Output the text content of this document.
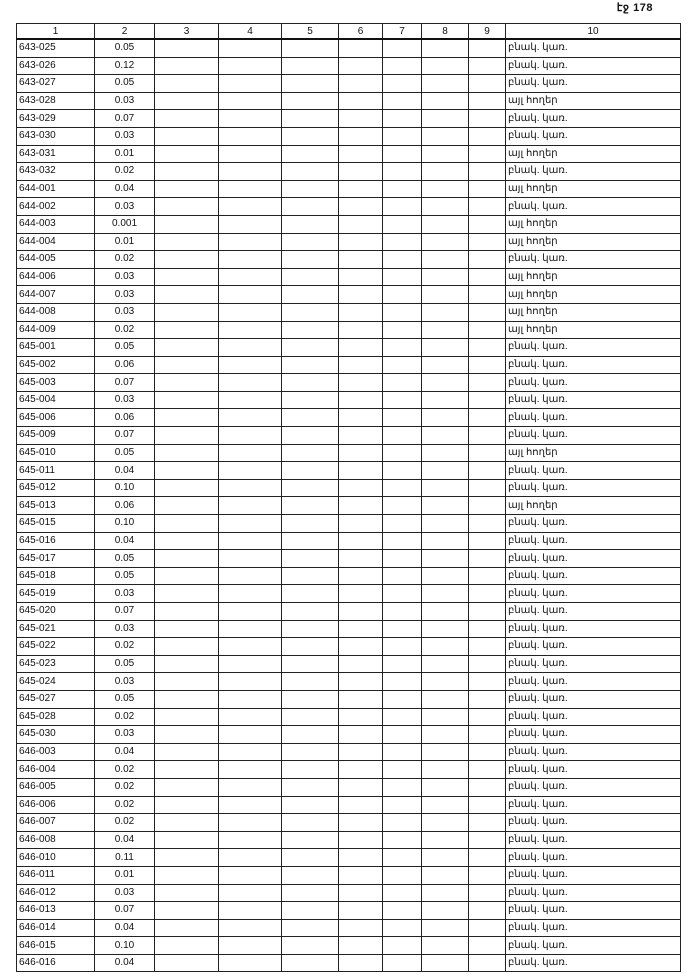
էջ 178
1	2	3	4	5	6	7	8	9	10
643-025	0.05								բնակ. կառ.
643-026	0.12								բնակ. կառ.
643-027	0.05								բնակ. կառ.
643-028	0.03								այլ հողեր
643-029	0.07								բնակ. կառ.
643-030	0.03								բնակ. կառ.
643-031	0.01								այլ հողեր
643-032	0.02								բնակ. կառ.
644-001	0.04								այլ հողեր
644-002	0.03								բնակ. կառ.
644-003	0.001								այլ հողեր
644-004	0.01								այլ հողեր
644-005	0.02								բնակ. կառ.
644-006	0.03								այլ հողեր
644-007	0.03								այլ հողեր
644-008	0.03								այլ հողեր
644-009	0.02								այլ հողեր
645-001	0.05								բնակ. կառ.
645-002	0.06								բնակ. կառ.
645-003	0.07								բնակ. կառ.
645-004	0.03								բնակ. կառ.
645-006	0.06								բնակ. կառ.
645-009	0.07								բնակ. կառ.
645-010	0.05								այլ հողեր
645-011	0.04								բնակ. կառ.
645-012	0.10								բնակ. կառ.
645-013	0.06								այլ հողեր
645-015	0.10								բնակ. կառ.
645-016	0.04								բնակ. կառ.
645-017	0.05								բնակ. կառ.
645-018	0.05								բնակ. կառ.
645-019	0.03								բնակ. կառ.
645-020	0.07								բնակ. կառ.
645-021	0.03								բնակ. կառ.
645-022	0.02								բնակ. կառ.
645-023	0.05								բնակ. կառ.
645-024	0.03								բնակ. կառ.
645-027	0.05								բնակ. կառ.
645-028	0.02								բնակ. կառ.
645-030	0.03								բնակ. կառ.
646-003	0.04								բնակ. կառ.
646-004	0.02								բնակ. կառ.
646-005	0.02								բնակ. կառ.
646-006	0.02								բնակ. կառ.
646-007	0.02								բնակ. կառ.
646-008	0.04								բնակ. կառ.
646-010	0.11								բնակ. կառ.
646-011	0.01								բնակ. կառ.
646-012	0.03								բնակ. կառ.
646-013	0.07								բնակ. կառ.
646-014	0.04								բնակ. կառ.
646-015	0.10								բնակ. կառ.
646-016	0.04								բնակ. կառ.
